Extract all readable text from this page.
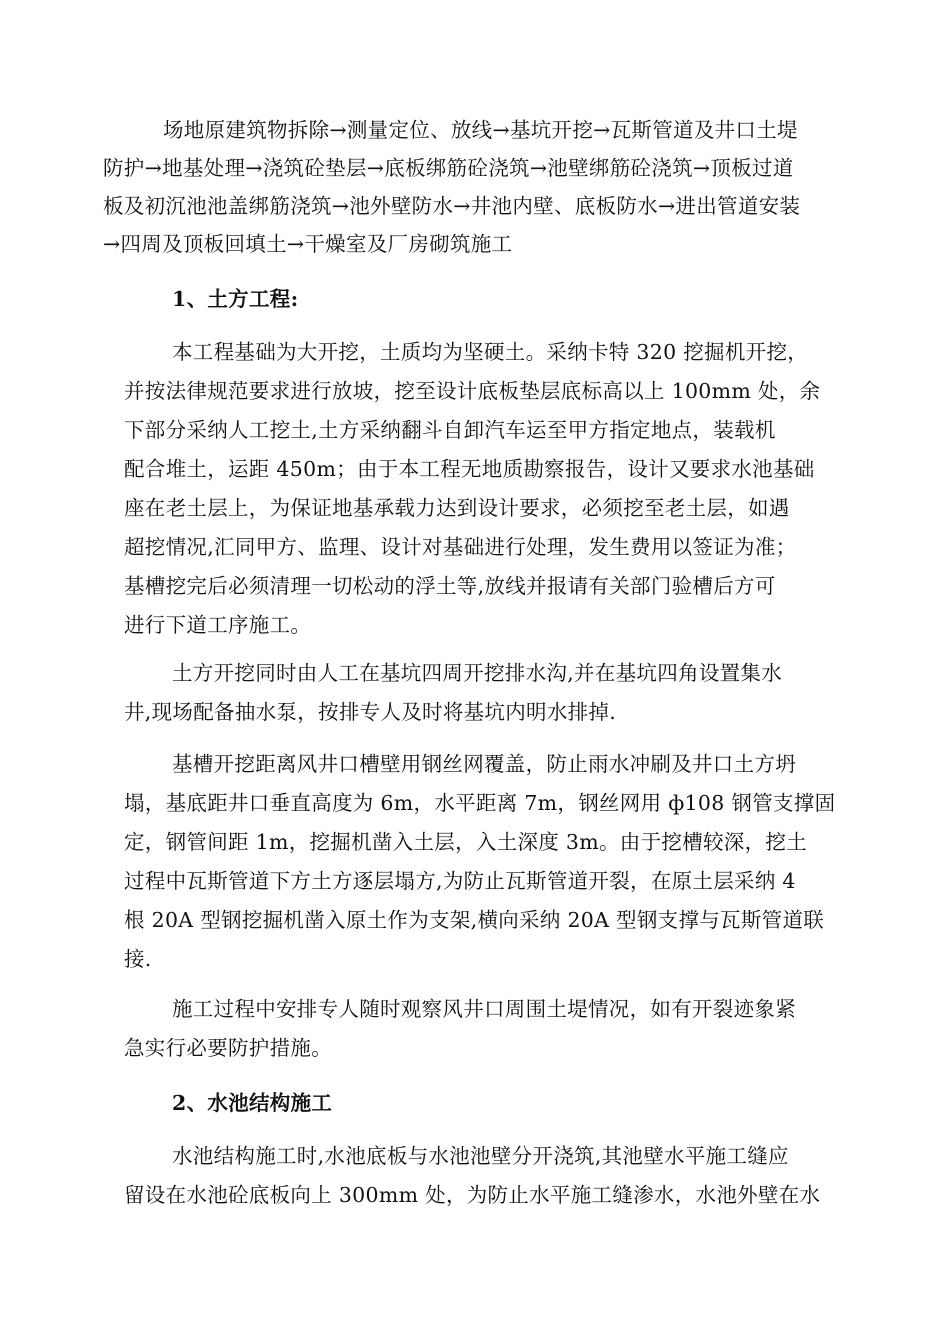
场地原建筑物拆除→测量定位、放线→基坑开挖→瓦斯管道及井口土堤
防护→地基处理→浇筑砼垫层→底板绑筋砼浇筑→池壁绑筋砼浇筑→顶板过道
板及初沉池池盖绑筋浇筑→池外壁防水→井池内壁、底板防水→进出管道安装
→四周及顶板回填土→干燥室及厂房砌筑施工
1、土方工程:
本工程基础为大开挖，土质均为坚硬土。采纳卡特 320 挖掘机开挖，
并按法律规范要求进行放坡，挖至设计底板垫层底标高以上 100mm 处，余
下部分采纳人工挖土,土方采纳翻斗自卸汽车运至甲方指定地点，装载机
配合堆土，运距 450m；由于本工程无地质勘察报告，设计又要求水池基础
座在老土层上，为保证地基承载力达到设计要求，必须挖至老土层，如遇
超挖情况,汇同甲方、监理、设计对基础进行处理，发生费用以签证为准；
基槽挖完后必须清理一切松动的浮土等,放线并报请有关部门验槽后方可
进行下道工序施工。
土方开挖同时由人工在基坑四周开挖排水沟,并在基坑四角设置集水
井,现场配备抽水泵，按排专人及时将基坑内明水排掉.
基槽开挖距离风井口槽壁用钢丝网覆盖，防止雨水冲刷及井口土方坍
塌，基底距井口垂直高度为 6m，水平距离 7m，钢丝网用 ф108 钢管支撑固
定，钢管间距 1m，挖掘机凿入土层，入土深度 3m。由于挖槽较深，挖土
过程中瓦斯管道下方土方逐层塌方,为防止瓦斯管道开裂，在原土层采纳 4
根 20A 型钢挖掘机凿入原土作为支架,横向采纳 20A 型钢支撑与瓦斯管道联
接.
施工过程中安排专人随时观察风井口周围土堤情况，如有开裂迹象紧
急实行必要防护措施。
2、水池结构施工
水池结构施工时,水池底板与水池池壁分开浇筑,其池壁水平施工缝应
留设在水池砼底板向上 300mm 处，为防止水平施工缝渗水，水池外壁在水
